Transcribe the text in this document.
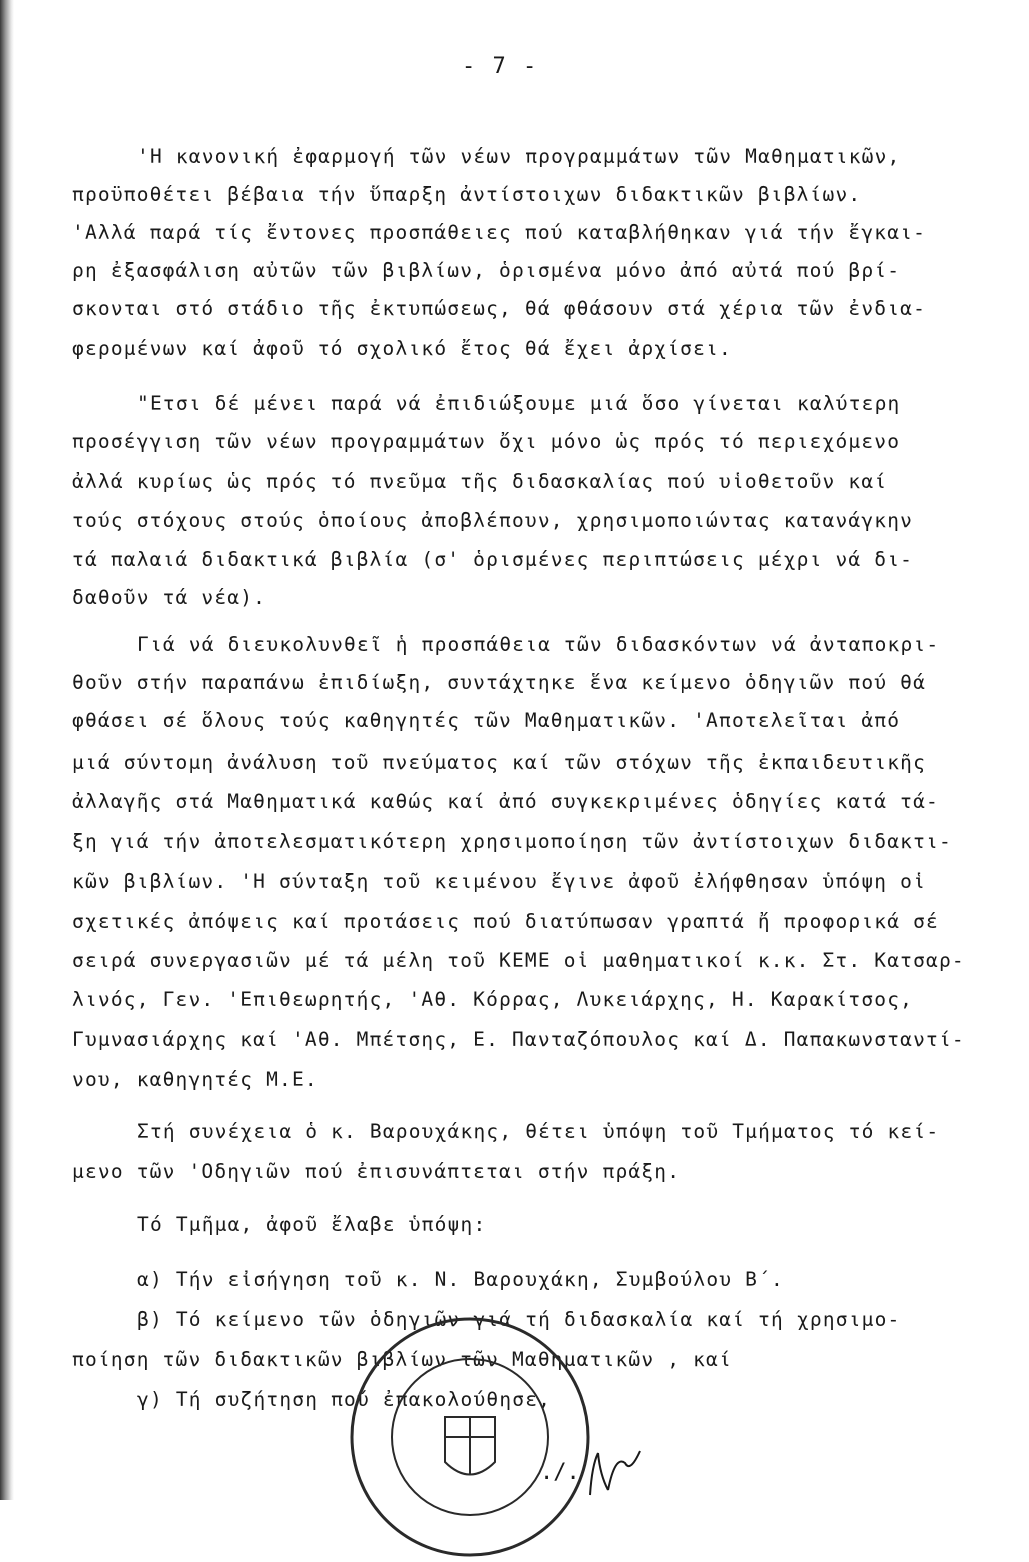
- 7 -
'Η κανονική ἐφαρμογή τῶν νέων προγραμμάτων τῶν Μαθηματικῶν,
προϋποθέτει βέβαια τήν ὕπαρξη ἀντίστοιχων διδακτικῶν βιβλίων.
'Αλλά παρά τίς ἔντονες προσπάθειες πού καταβλήθηκαν γιά τήν ἔγκαι-
ρη ἐξασφάλιση αὐτῶν τῶν βιβλίων, ὁρισμένα μόνο ἀπό αὐτά πού βρί-
σκονται στό στάδιο τῆς ἐκτυπώσεως, θά φθάσουν στά χέρια τῶν ἐνδια-
φερομένων καί ἀφοῦ τό σχολικό ἔτος θά ἔχει ἀρχίσει.
"Ετσι δέ μένει παρά νά ἐπιδιώξουμε μιά ὅσο γίνεται καλύτερη
προσέγγιση τῶν νέων προγραμμάτων ὄχι μόνο ὡς πρός τό περιεχόμενο
ἀλλά κυρίως ὡς πρός τό πνεῦμα τῆς διδασκαλίας πού υἱοθετοῦν καί
τούς στόχους στούς ὁποίους ἀποβλέπουν, χρησιμοποιώντας κατανάγκην
τά παλαιά διδακτικά βιβλία (σ' ὁρισμένες περιπτώσεις μέχρι νά δι-
δαθοῦν τά νέα).
Γιά νά διευκολυνθεῖ ἡ προσπάθεια τῶν διδασκόντων νά ἀνταποκρι-
θοῦν στήν παραπάνω ἐπιδίωξη, συντάχτηκε ἕνα κείμενο ὁδηγιῶν πού θά
φθάσει σέ ὅλους τούς καθηγητές τῶν Μαθηματικῶν. 'Αποτελεῖται ἀπό
μιά σύντομη ἀνάλυση τοῦ πνεύματος καί τῶν στόχων τῆς ἐκπαιδευτικῆς
ἀλλαγῆς στά Μαθηματικά καθώς καί ἀπό συγκεκριμένες ὁδηγίες κατά τά-
ξη γιά τήν ἀποτελεσματικότερη χρησιμοποίηση τῶν ἀντίστοιχων διδακτι-
κῶν βιβλίων. 'Η σύνταξη τοῦ κειμένου ἔγινε ἀφοῦ ἐλήφθησαν ὑπόψη οἱ
σχετικές ἀπόψεις καί προτάσεις πού διατύπωσαν γραπτά ἤ προφορικά σέ
σειρά συνεργασιῶν μέ τά μέλη τοῦ ΚΕΜΕ οἱ μαθηματικοί κ.κ. Στ. Κατσαρ-
λινός, Γεν. 'Επιθεωρητής, 'Αθ. Κόρρας, Λυκειάρχης, Η. Καρακίτσος,
Γυμνασιάρχης καί 'Αθ. Μπέτσης, Ε. Πανταζόπουλος καί Δ. Παπακωνσταντί-
νου, καθηγητές Μ.Ε.
Στή συνέχεια ὁ κ. Βαρουχάκης, θέτει ὑπόψη τοῦ Τμήματος τό κεί-
μενο τῶν 'Οδηγιῶν πού ἐπισυνάπτεται στήν πράξη.
Τό Τμῆμα, ἀφοῦ ἔλαβε ὑπόψη:
α) Τήν εἰσήγηση τοῦ κ. Ν. Βαρουχάκη, Συμβούλου Β΄.
β) Τό κείμενο τῶν ὁδηγιῶν γιά τή διδασκαλία καί τή χρησιμο-
ποίηση τῶν διδακτικῶν βιβλίων τῶν Μαθηματικῶν , καί
γ) Τή συζήτηση πού ἐπακολούθησε,
./.
